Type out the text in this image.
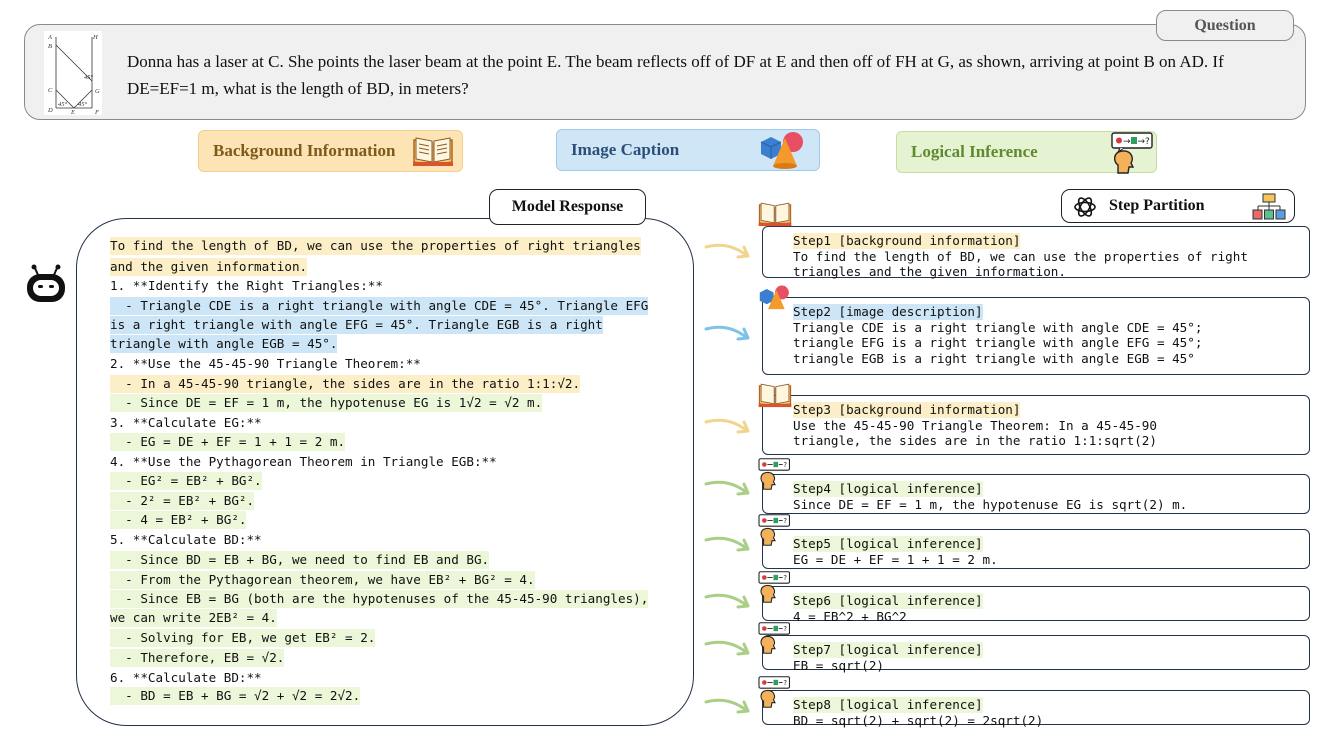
Question
A	H
B
45°
C	G
D
45° 45°
E	F
Donna has a laser at C. She points the laser beam at the point E. The beam reflects off of DF at E and then off of FH at G, as shown, arriving at point B on AD. If DE=EF=1 m, what is the length of BD, in meters?
Background Information	Image Caption	Logical Inference	→ →?
Model Response
To find the length of BD, we can use the properties of right triangles
and the given information.
1. **Identify the Right Triangles:**
- Triangle CDE is a right triangle with angle CDE = 45°. Triangle EFG
is a right triangle with angle EFG = 45°. Triangle EGB is a right
triangle with angle EGB = 45°.
2. **Use the 45-45-90 Triangle Theorem:**
- In a 45-45-90 triangle, the sides are in the ratio 1:1:√2.
- Since DE = EF = 1 m, the hypotenuse EG is 1√2 = √2 m.
3. **Calculate EG:**
- EG = DE + EF = 1 + 1 = 2 m.
4. **Use the Pythagorean Theorem in Triangle EGB:**
- EG² = EB² + BG².
- 2² = EB² + BG².
- 4 = EB² + BG².
5. **Calculate BD:**
- Since BD = EB + BG, we need to find EB and BG.
- From the Pythagorean theorem, we have EB² + BG² = 4.
- Since EB = BG (both are the hypotenuses of the 45-45-90 triangles),
we can write 2EB² = 4.
- Solving for EB, we get EB² = 2.
- Therefore, EB = √2.
6. **Calculate BD:**
- BD = EB + BG = √2 + √2 = 2√2.
Step Partition
Step1 [background information]
To find the length of BD, we can use the properties of right
triangles and the given information.
Step2 [image description]
Triangle CDE is a right triangle with angle CDE = 45°;
triangle EFG is a right triangle with angle EFG = 45°;
triangle EGB is a right triangle with angle EGB = 45°
Step3 [background information]
Use the 45-45-90 Triangle Theorem: In a 45-45-90
triangle, the sides are in the ratio 1:1:sqrt(2)
Step4 [logical inference]
Since DE = EF = 1 m, the hypotenuse EG is sqrt(2) m.
Step5 [logical inference]
EG = DE + EF = 1 + 1 = 2 m.
Step6 [logical inference]
4 = EB^2 + BG^2
Step7 [logical inference]
EB = sqrt(2)
Step8 [logical inference]
BD = sqrt(2) + sqrt(2) = 2sqrt(2)
?
?
?
?
?
